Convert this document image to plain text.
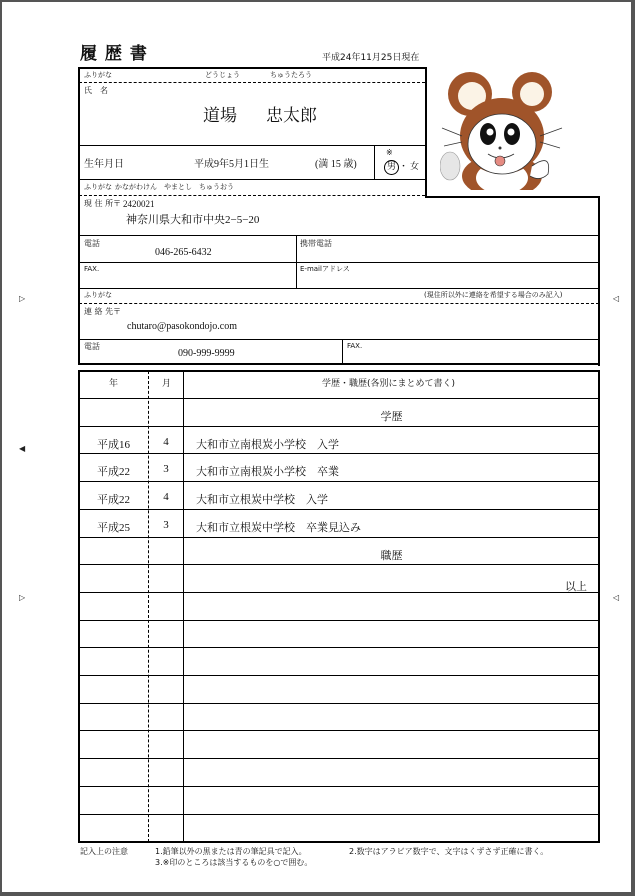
▷
◀
▷
◁
◁
履 歴 書	平成24年11月25日現在
ふりがな	どうじょう	ちゅうたろう
氏　名
道場 忠太郎
生年月日	平成9年5月1日生	(満 15 歳)
※
男 ・ 女
ふりがな かながわけん　やまとし　ちゅうおう
現 住 所 〒 2420021
神奈川県大和市中央2−5−20
電話
046-265-6432
携帯電話
FAX.	E-mailアドレス
ふりがな	(現住所以外に連絡を希望する場合のみ記入)
連 絡 先 〒
chutaro@pasokondojo.com
電話
090-999-9999
FAX.
年	月	学歴・職歴(各別にまとめて書く)
学歴
平成16	4	大和市立南根炭小学校　入学
平成22	3	大和市立南根炭小学校　卒業
平成22	4	大和市立根炭中学校　入学
平成25	3	大和市立根炭中学校　卒業見込み
職歴
以上
記入上の注意	1.鉛筆以外の黒または青の筆記具で記入。	2.数字はアラビア数字で、文字はくずさず正確に書く。
3.※印のところは該当するものを○で囲む。
